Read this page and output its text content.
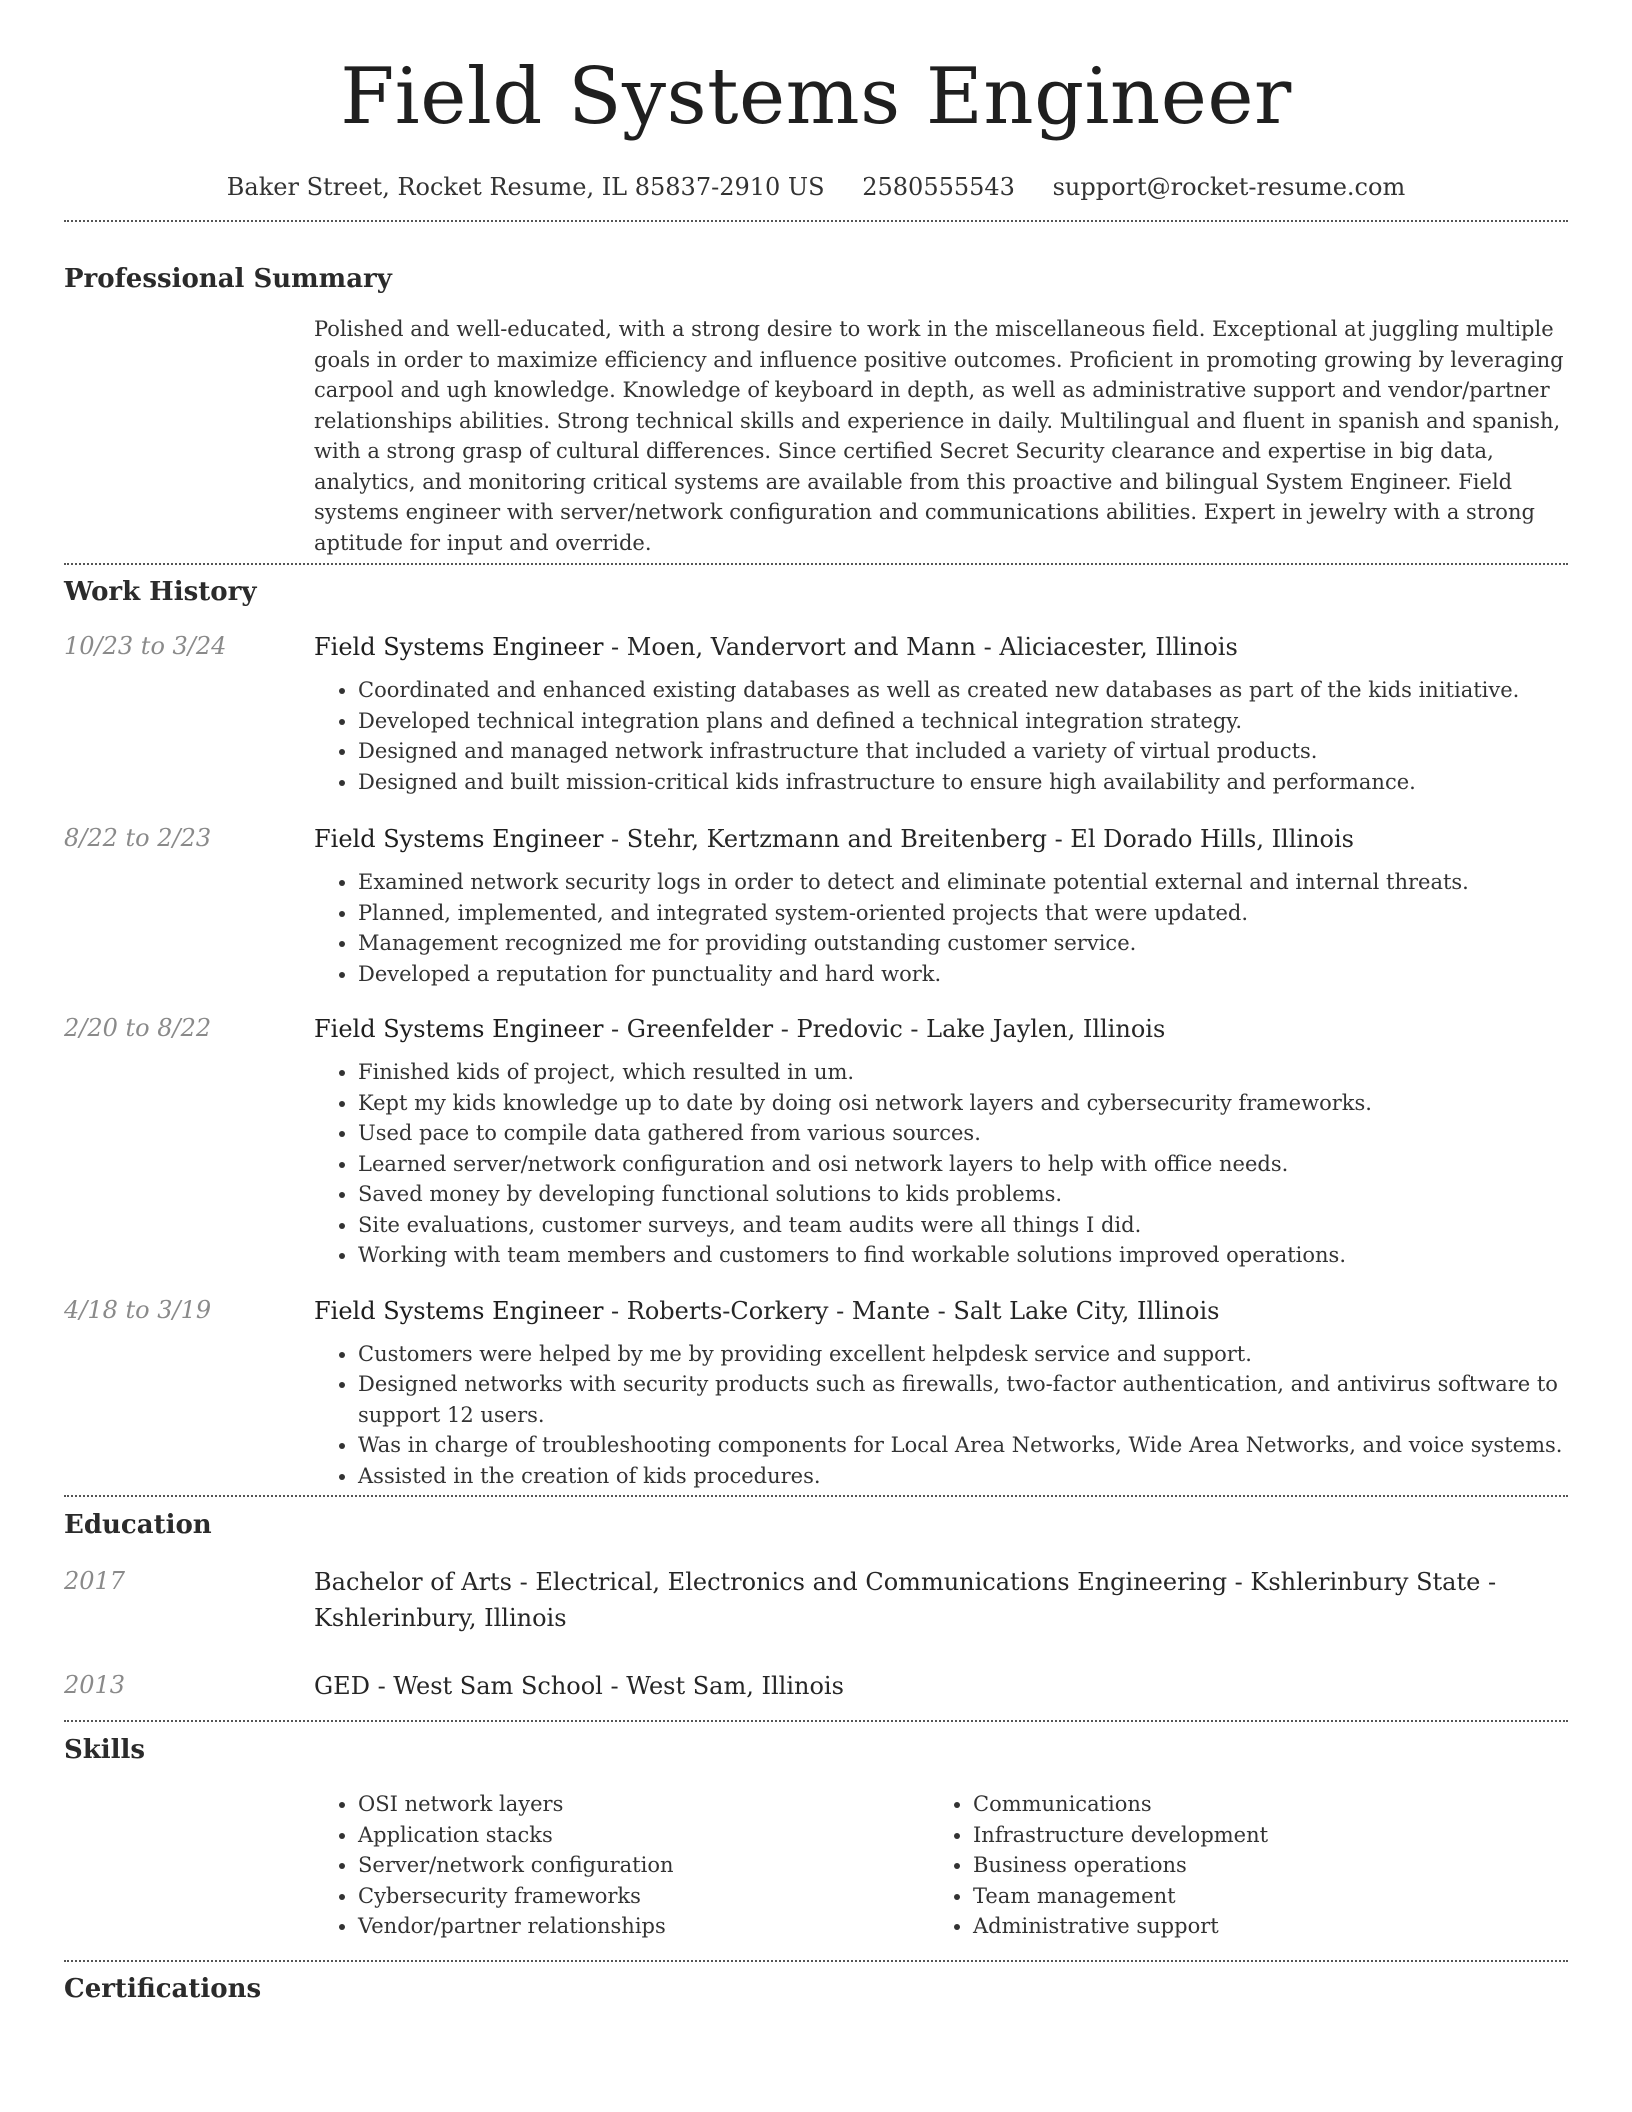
Field Systems Engineer
Baker Street, Rocket Resume, IL 85837-2910 US 2580555543 support@rocket-resume.com
Professional Summary

Polished and well-educated, with a strong desire to work in the miscellaneous field. Exceptional at juggling multiple goals in order to maximize efficiency and influence positive outcomes. Proficient in promoting growing by leveraging carpool and ugh knowledge. Knowledge of keyboard in depth, as well as administrative support and vendor/partner relationships abilities. Strong technical skills and experience in daily. Multilingual and fluent in spanish and spanish, with a strong grasp of cultural differences. Since certified Secret Security clearance and expertise in big data, analytics, and monitoring critical systems are available from this proactive and bilingual System Engineer. Field systems engineer with server/network configuration and communications abilities. Expert in jewelry with a strong aptitude for input and override.

Work History
10/23 to 3/24	Field Systems Engineer - Moen, Vandervort and Mann - Aliciacester, Illinois
• Coordinated and enhanced existing databases as well as created new databases as part of the kids initiative.
• Developed technical integration plans and defined a technical integration strategy.
• Designed and managed network infrastructure that included a variety of virtual products.
• Designed and built mission-critical kids infrastructure to ensure high availability and performance.
8/22 to 2/23	Field Systems Engineer - Stehr, Kertzmann and Breitenberg - El Dorado Hills, Illinois
• Examined network security logs in order to detect and eliminate potential external and internal threats.
• Planned, implemented, and integrated system-oriented projects that were updated.
• Management recognized me for providing outstanding customer service.
• Developed a reputation for punctuality and hard work.
2/20 to 8/22	Field Systems Engineer - Greenfelder - Predovic - Lake Jaylen, Illinois
• Finished kids of project, which resulted in um.
• Kept my kids knowledge up to date by doing osi network layers and cybersecurity frameworks.
• Used pace to compile data gathered from various sources.
• Learned server/network configuration and osi network layers to help with office needs.
• Saved money by developing functional solutions to kids problems.
• Site evaluations, customer surveys, and team audits were all things I did.
• Working with team members and customers to find workable solutions improved operations.
4/18 to 3/19	Field Systems Engineer - Roberts-Corkery - Mante - Salt Lake City, Illinois
• Customers were helped by me by providing excellent helpdesk service and support.
• Designed networks with security products such as firewalls, two-factor authentication, and antivirus software to support 12 users.
• Was in charge of troubleshooting components for Local Area Networks, Wide Area Networks, and voice systems.
• Assisted in the creation of kids procedures.
Education
2017	Bachelor of Arts - Electrical, Electronics and Communications Engineering - Kshlerinbury State - Kshlerinbury, Illinois
2013	GED - West Sam School - West Sam, Illinois
Skills
• OSI network layers
• Application stacks
• Server/network configuration
• Cybersecurity frameworks
• Vendor/partner relationships
• Communications
• Infrastructure development
• Business operations
• Team management
• Administrative support
Certifications
